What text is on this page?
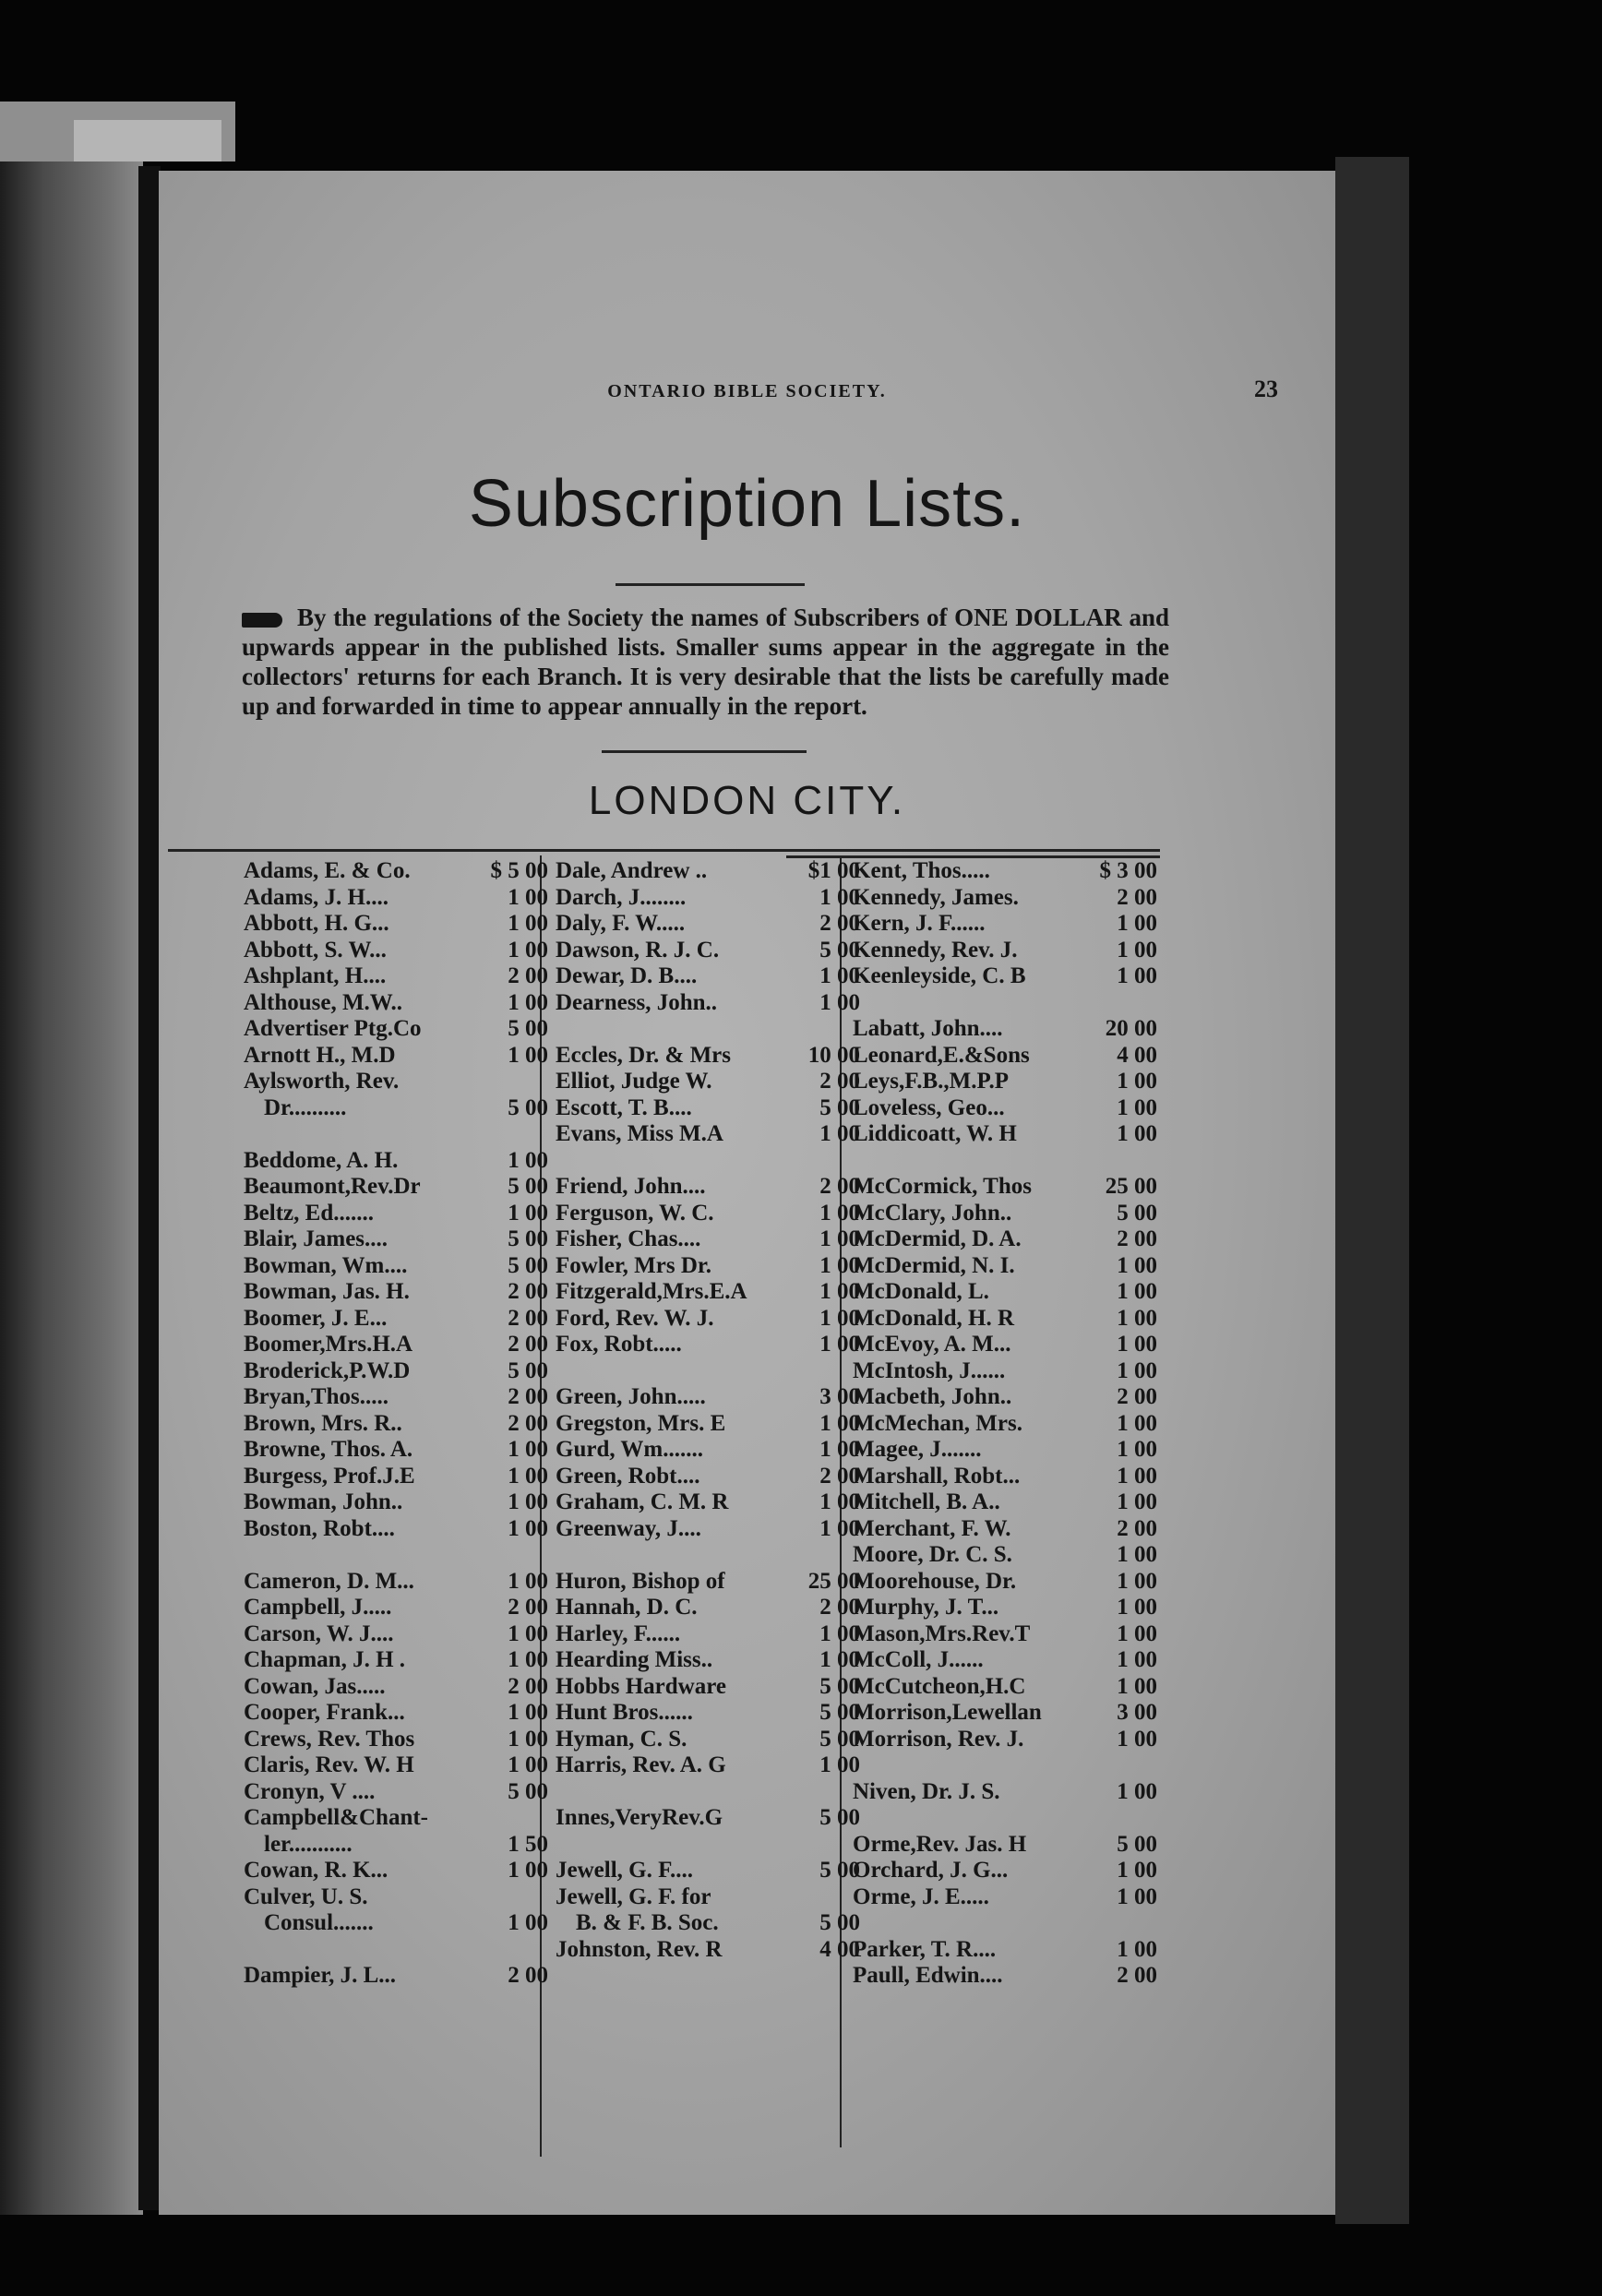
ONTARIO BIBLE SOCIETY.	23
Subscription Lists.
By the regulations of the Society the names of Subscribers of ONE DOLLAR and upwards appear in the published lists. Smaller sums appear in the aggregate in the collectors' returns for each Branch. It is very desirable that the lists be carefully made up and forwarded in time to appear annually in the report.
LONDON CITY.
Adams, E. & Co.	$ 5 00
Adams, J. H....	1 00
Abbott, H. G...	1 00
Abbott, S. W...	1 00
Ashplant, H....	2 00
Althouse, M.W..	1 00
Advertiser Ptg.Co	5 00
Arnott H., M.D	1 00
Aylsworth, Rev.
Dr..........	5 00
Beddome, A. H.	1 00
Beaumont,Rev.Dr	5 00
Beltz, Ed.......	1 00
Blair, James....	5 00
Bowman, Wm....	5 00
Bowman, Jas. H.	2 00
Boomer, J. E...	2 00
Boomer,Mrs.H.A	2 00
Broderick,P.W.D	5 00
Bryan,Thos.....	2 00
Brown, Mrs. R..	2 00
Browne, Thos. A.	1 00
Burgess, Prof.J.E	1 00
Bowman, John..	1 00
Boston, Robt....	1 00
Cameron, D. M...	1 00
Campbell, J.....	2 00
Carson, W. J....	1 00
Chapman, J. H .	1 00
Cowan, Jas.....	2 00
Cooper, Frank...	1 00
Crews, Rev. Thos	1 00
Claris, Rev. W. H	1 00
Cronyn, V ....	5 00
Campbell&Chant-
ler...........	1 50
Cowan, R. K...	1 00
Culver, U. S.
Consul.......	1 00
Dampier, J. L...	2 00
Dale, Andrew ..	$1 00
Darch, J........	1 00
Daly, F. W.....	2 00
Dawson, R. J. C.	5 00
Dewar, D. B....	1 00
Dearness, John..	1 00
Eccles, Dr. & Mrs	10 00
Elliot, Judge W.	2 00
Escott, T. B....	5 00
Evans, Miss M.A	1 00
Friend, John....	2 00
Ferguson, W. C.	1 00
Fisher, Chas....	1 00
Fowler, Mrs Dr.	1 00
Fitzgerald,Mrs.E.A	1 00
Ford, Rev. W. J.	1 00
Fox, Robt.....	1 00
Green, John.....	3 00
Gregston, Mrs. E	1 00
Gurd, Wm.......	1 00
Green, Robt....	2 00
Graham, C. M. R	1 00
Greenway, J....	1 00
Huron, Bishop of	25 00
Hannah, D. C.	2 00
Harley, F......	1 00
Hearding Miss..	1 00
Hobbs Hardware	5 00
Hunt Bros......	5 00
Hyman, C. S.	5 00
Harris, Rev. A. G	1 00
Innes,VeryRev.G	5 00
Jewell, G. F....	5 00
Jewell, G. F. for
B. & F. B. Soc.	5 00
Johnston, Rev. R	4 00
Kent, Thos.....	$ 3 00
Kennedy, James.	2 00
Kern, J. F......	1 00
Kennedy, Rev. J.	1 00
Keenleyside, C. B	1 00
Labatt, John....	20 00
Leonard,E.&Sons	4 00
Leys,F.B.,M.P.P	1 00
Loveless, Geo...	1 00
Liddicoatt, W. H	1 00
McCormick, Thos	25 00
McClary, John..	5 00
McDermid, D. A.	2 00
McDermid, N. I.	1 00
McDonald, L.	1 00
McDonald, H. R	1 00
McEvoy, A. M...	1 00
McIntosh, J......	1 00
Macbeth, John..	2 00
McMechan, Mrs.	1 00
Magee, J.......	1 00
Marshall, Robt...	1 00
Mitchell, B. A..	1 00
Merchant, F. W.	2 00
Moore, Dr. C. S.	1 00
Moorehouse, Dr.	1 00
Murphy, J. T...	1 00
Mason,Mrs.Rev.T	1 00
McColl, J......	1 00
McCutcheon,H.C	1 00
Morrison,Lewellan	3 00
Morrison, Rev. J.	1 00
Niven, Dr. J. S.	1 00
Orme,Rev. Jas. H	5 00
Orchard, J. G...	1 00
Orme, J. E.....	1 00
Parker, T. R....	1 00
Paull, Edwin....	2 00
